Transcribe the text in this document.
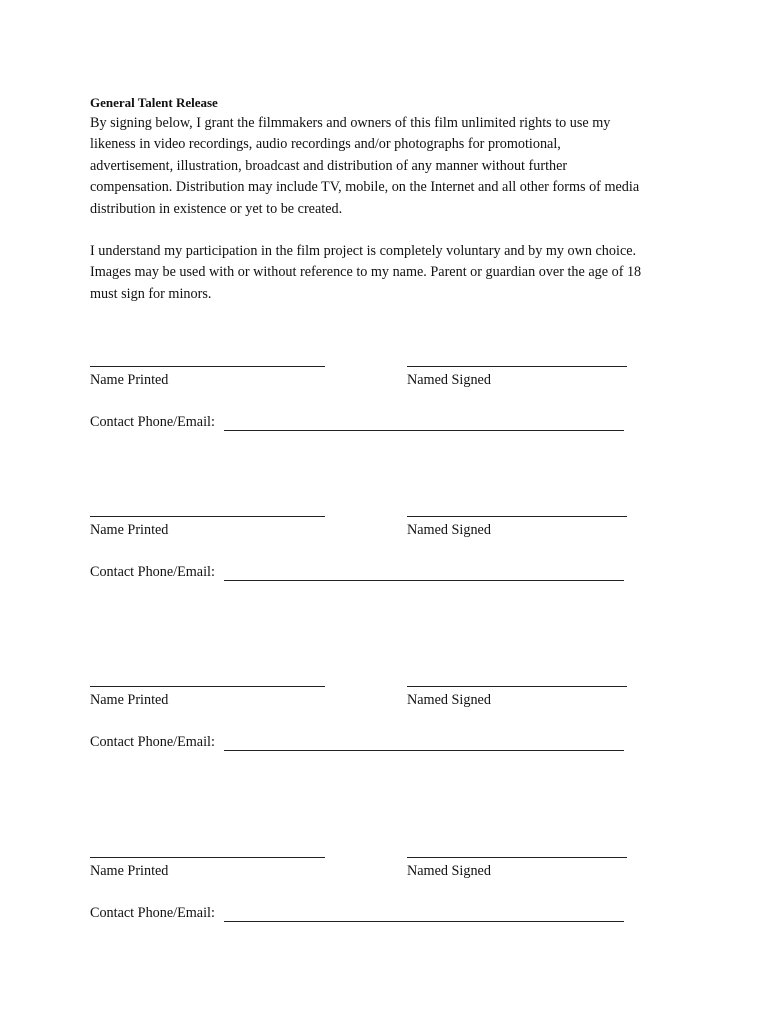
General Talent Release

By signing below, I grant the filmmakers and owners of this film unlimited rights to use my
likeness in video recordings, audio recordings and/or photographs for promotional,
advertisement, illustration, broadcast and distribution of any manner without further
compensation. Distribution may include TV, mobile, on the Internet and all other forms of media
distribution in existence or yet to be created.

I understand my participation in the film project is completely voluntary and by my own choice.
Images may be used with or without reference to my name. Parent or guardian over the age of 18
must sign for minors.

Name Printed	Named Signed
Contact Phone/Email:
Name Printed	Named Signed
Contact Phone/Email:
Name Printed	Named Signed
Contact Phone/Email:
Name Printed	Named Signed
Contact Phone/Email:
